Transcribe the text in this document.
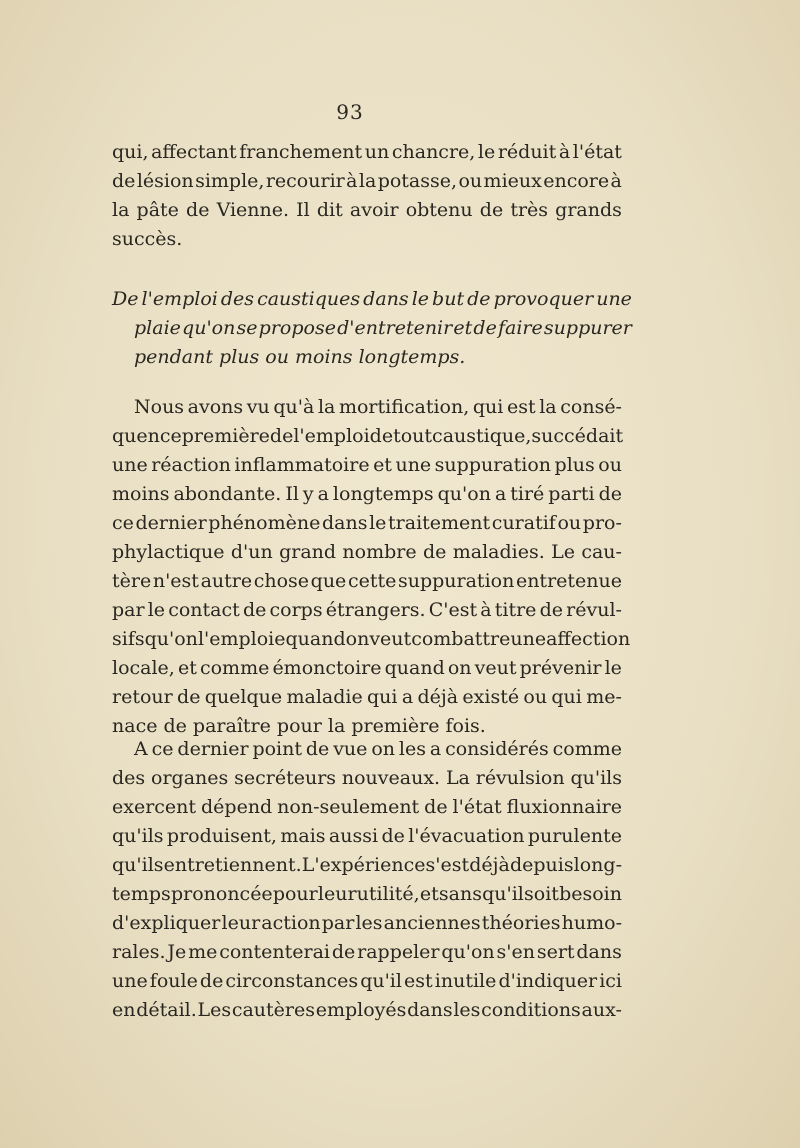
93
qui, affectant franchement un chancre, le réduit à l'état
de lésion simple, recourir à la potasse, ou mieux encore à
la pâte de Vienne. Il dit avoir obtenu de très grands
succès.
De l'emploi des caustiques dans le but de provoquer une
plaie qu'on se propose d'entretenir et de faire suppurer
pendant plus ou moins longtemps.
Nous avons vu qu'à la mortification, qui est la consé-
quence première de l'emploi de tout caustique, succédait
une réaction inflammatoire et une suppuration plus ou
moins abondante. Il y a longtemps qu'on a tiré parti de
ce dernier phénomène dans le traitement curatif ou pro-
phylactique d'un grand nombre de maladies. Le cau-
tère n'est autre chose que cette suppuration entretenue
par le contact de corps étrangers. C'est à titre de révul-
sifs qu'on l'emploie quand on veut combattre une affection
locale, et comme émonctoire quand on veut prévenir le
retour de quelque maladie qui a déjà existé ou qui me-
nace de paraître pour la première fois.
A ce dernier point de vue on les a considérés comme
des organes secréteurs nouveaux. La révulsion qu'ils
exercent dépend non-seulement de l'état fluxionnaire
qu'ils produisent, mais aussi de l'évacuation purulente
qu'ils entretiennent. L'expérience s'est déjà depuis long-
temps prononcée pour leur utilité, et sans qu'il soit besoin
d'expliquer leur action par les anciennes théories humo-
rales. Je me contenterai de rappeler qu'on s'en sert dans
une foule de circonstances qu'il est inutile d'indiquer ici
en détail. Les cautères employés dans les conditions aux-
